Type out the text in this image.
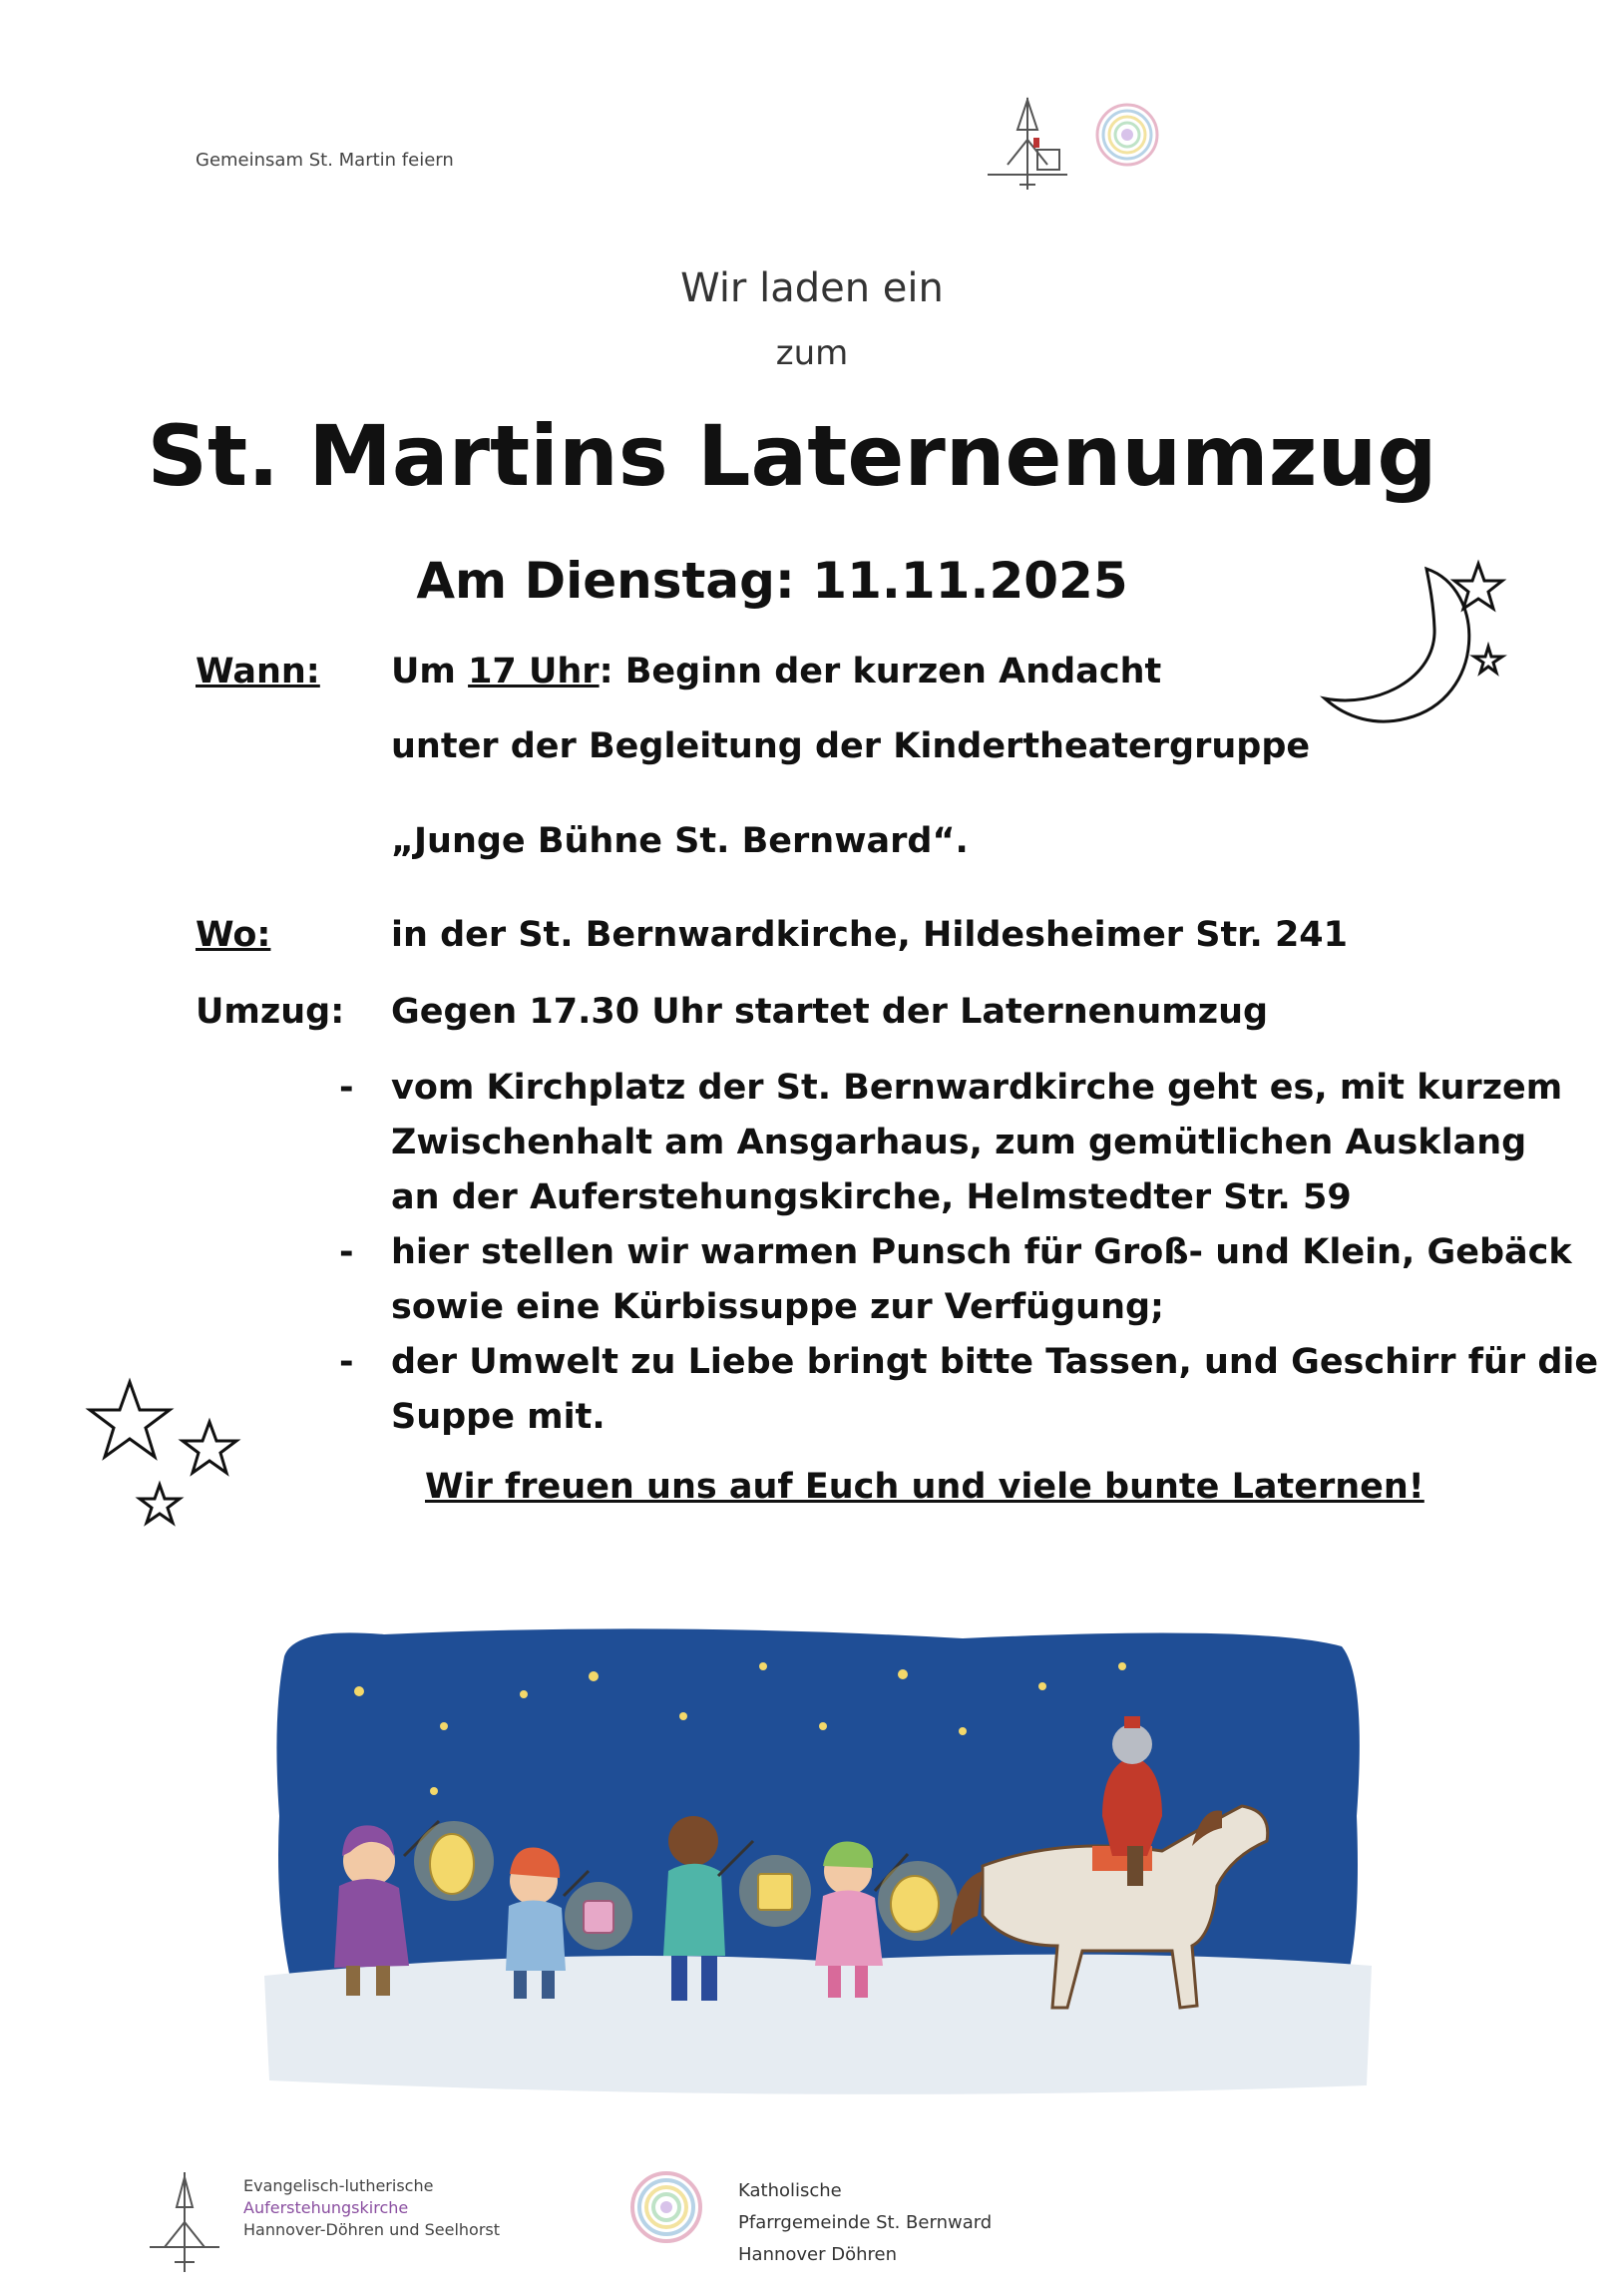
Gemeinsam St. Martin feiern
Wir laden ein
zum
St. Martins Laternenumzug
Am Dienstag: 11.11.2025
Wann: Um 17 Uhr: Beginn der kurzen Andacht
unter der Begleitung der Kindertheatergruppe
„Junge Bühne St. Bernward“.
Wo:	in der St. Bernwardkirche, Hildesheimer Str. 241
Umzug: Gegen 17.30 Uhr startet der Laternenumzug
- vom Kirchplatz der St. Bernwardkirche geht es, mit kurzem
Zwischenhalt am Ansgarhaus, zum gemütlichen Ausklang
an der Auferstehungskirche, Helmstedter Str. 59
- hier stellen wir warmen Punsch für Groß- und Klein, Gebäck
sowie eine Kürbissuppe zur Verfügung;
- der Umwelt zu Liebe bringt bitte Tassen, und Geschirr für die
Suppe mit.
Wir freuen uns auf Euch und viele bunte Laternen!
Evangelisch-lutherische
Auferstehungskirche
Hannover-Döhren und Seelhorst
Katholische
Pfarrgemeinde St. Bernward
Hannover Döhren
